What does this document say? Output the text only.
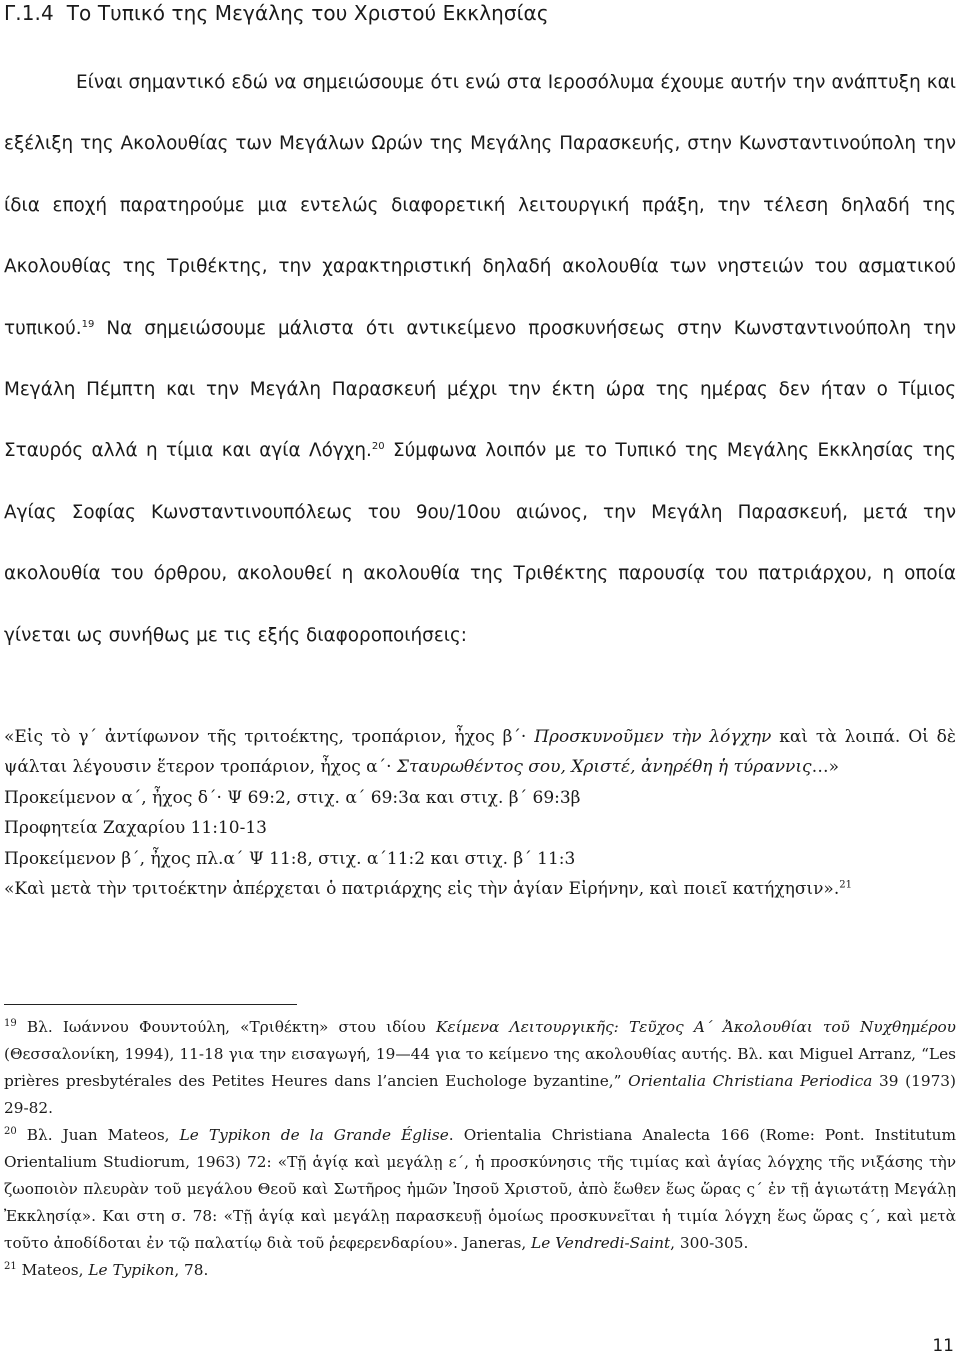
Γ.1.4 Το Τυπικό της Μεγάλης του Χριστού Εκκλησίας
Είναι σημαντικό εδώ να σημειώσουμε ότι ενώ στα Ιεροσόλυμα έχουμε αυτήν την ανάπτυξη και εξέλιξη της Ακολουθίας των Μεγάλων Ωρών της Μεγάλης Παρασκευής, στην Κωνσταντινούπολη την ίδια εποχή παρατηρούμε μια εντελώς διαφορετική λειτουργική πράξη, την τέλεση δηλαδή της Ακολουθίας της Τριθέκτης, την χαρακτηριστική δηλαδή ακολουθία των νηστειών του ασματικού τυπικού.$^{19}$ Να σημειώσουμε μάλιστα ότι αντικείμενο προσκυνήσεως στην Κωνσταντινούπολη την Μεγάλη Πέμπτη και την Μεγάλη Παρασκευή μέχρι την έκτη ώρα της ημέρας δεν ήταν ο Τίμιος Σταυρός αλλά η τίμια και αγία Λόγχη.$^{20}$ Σύμφωνα λοιπόν με το Τυπικό της Μεγάλης Εκκλησίας της Αγίας Σοφίας Κωνσταντινουπόλεως του 9ου/10ου αιώνος, την Μεγάλη Παρασκευή, μετά την ακολουθία του όρθρου, ακολουθεί η ακολουθία της Τριθέκτης παρουσίᾳ του πατριάρχου, η οποία γίνεται ως συνήθως με τις εξής διαφοροποιήσεις:

«Εἰς τὸ γ΄ ἀντίφωνον τῆς τριτοέκτης, τροπάριον, ἦχος β΄· Προσκυνοῦμεν τὴν λόγχην καὶ τὰ λοιπά. Οἱ δὲ ψάλται λέγουσιν ἕτερον τροπάριον, ἦχος α΄· Σταυρωθέντος σου, Χριστέ, ἀνηρέθη ἡ τύραννις…»

Προκείμενον α΄, ἦχος δ΄· Ψ 69:2, στιχ. α΄ 69:3α και στιχ. β΄ 69:3β

Προφητεία Ζαχαρίου 11:10-13

Προκείμενον β΄, ἦχος πλ.α΄ Ψ 11:8, στιχ. α΄11:2 και στιχ. β΄ 11:3

«Καὶ μετὰ τὴν τριτοέκτην ἀπέρχεται ὁ πατριάρχης εἰς τὴν ἁγίαν Εἰρήνην, καὶ ποιεῖ κατήχησιν».$^{21}$

$^{19}$ Βλ. Ιωάννου Φουντούλη, «Τριθέκτη» στου ιδίου Κείμενα Λειτουργικῆς: Τεῦχος Α΄ Ἀκολουθίαι τοῦ Νυχθημέρου (Θεσσαλονίκη, 1994), 11-18 για την εισαγωγή, 19—44 για το κείμενο της ακολουθίας αυτής. Βλ. και Miguel Arranz, “Les prières presbytérales des Petites Heures dans l’ancien Euchologe byzantine,” Orientalia Christiana Periodica 39 (1973) 29-82.

$^{20}$ Βλ. Juan Mateos, Le Typikon de la Grande Église. Orientalia Christiana Analecta 166 (Rome: Pont. Institutum Orientalium Studiorum, 1963) 72: «Τῇ ἁγίᾳ καὶ μεγάλῃ ε΄, ἡ προσκύνησις τῆς τιμίας καὶ ἁγίας λόγχης τῆς νιξάσης τὴν ζωοποιὸν πλευρὰν τοῦ μεγάλου Θεοῦ καὶ Σωτῆρος ἡμῶν Ἰησοῦ Χριστοῦ, ἀπὸ ἕωθεν ἕως ὥρας ς΄ ἐν τῇ ἁγιωτάτῃ Μεγάλῃ Ἐκκλησίᾳ». Και στη σ. 78: «Τῇ ἁγίᾳ καὶ μεγάλῃ παρασκευῇ ὁμοίως προσκυνεῖται ἡ τιμία λόγχη ἕως ὥρας ς΄, καὶ μετὰ τοῦτο ἀποδίδοται ἐν τῷ παλατίῳ διὰ τοῦ ῥεφερενδαρίου». Janeras, Le Vendredi-Saint, 300-305.

$^{21}$ Mateos, Le Typikon, 78.

11
